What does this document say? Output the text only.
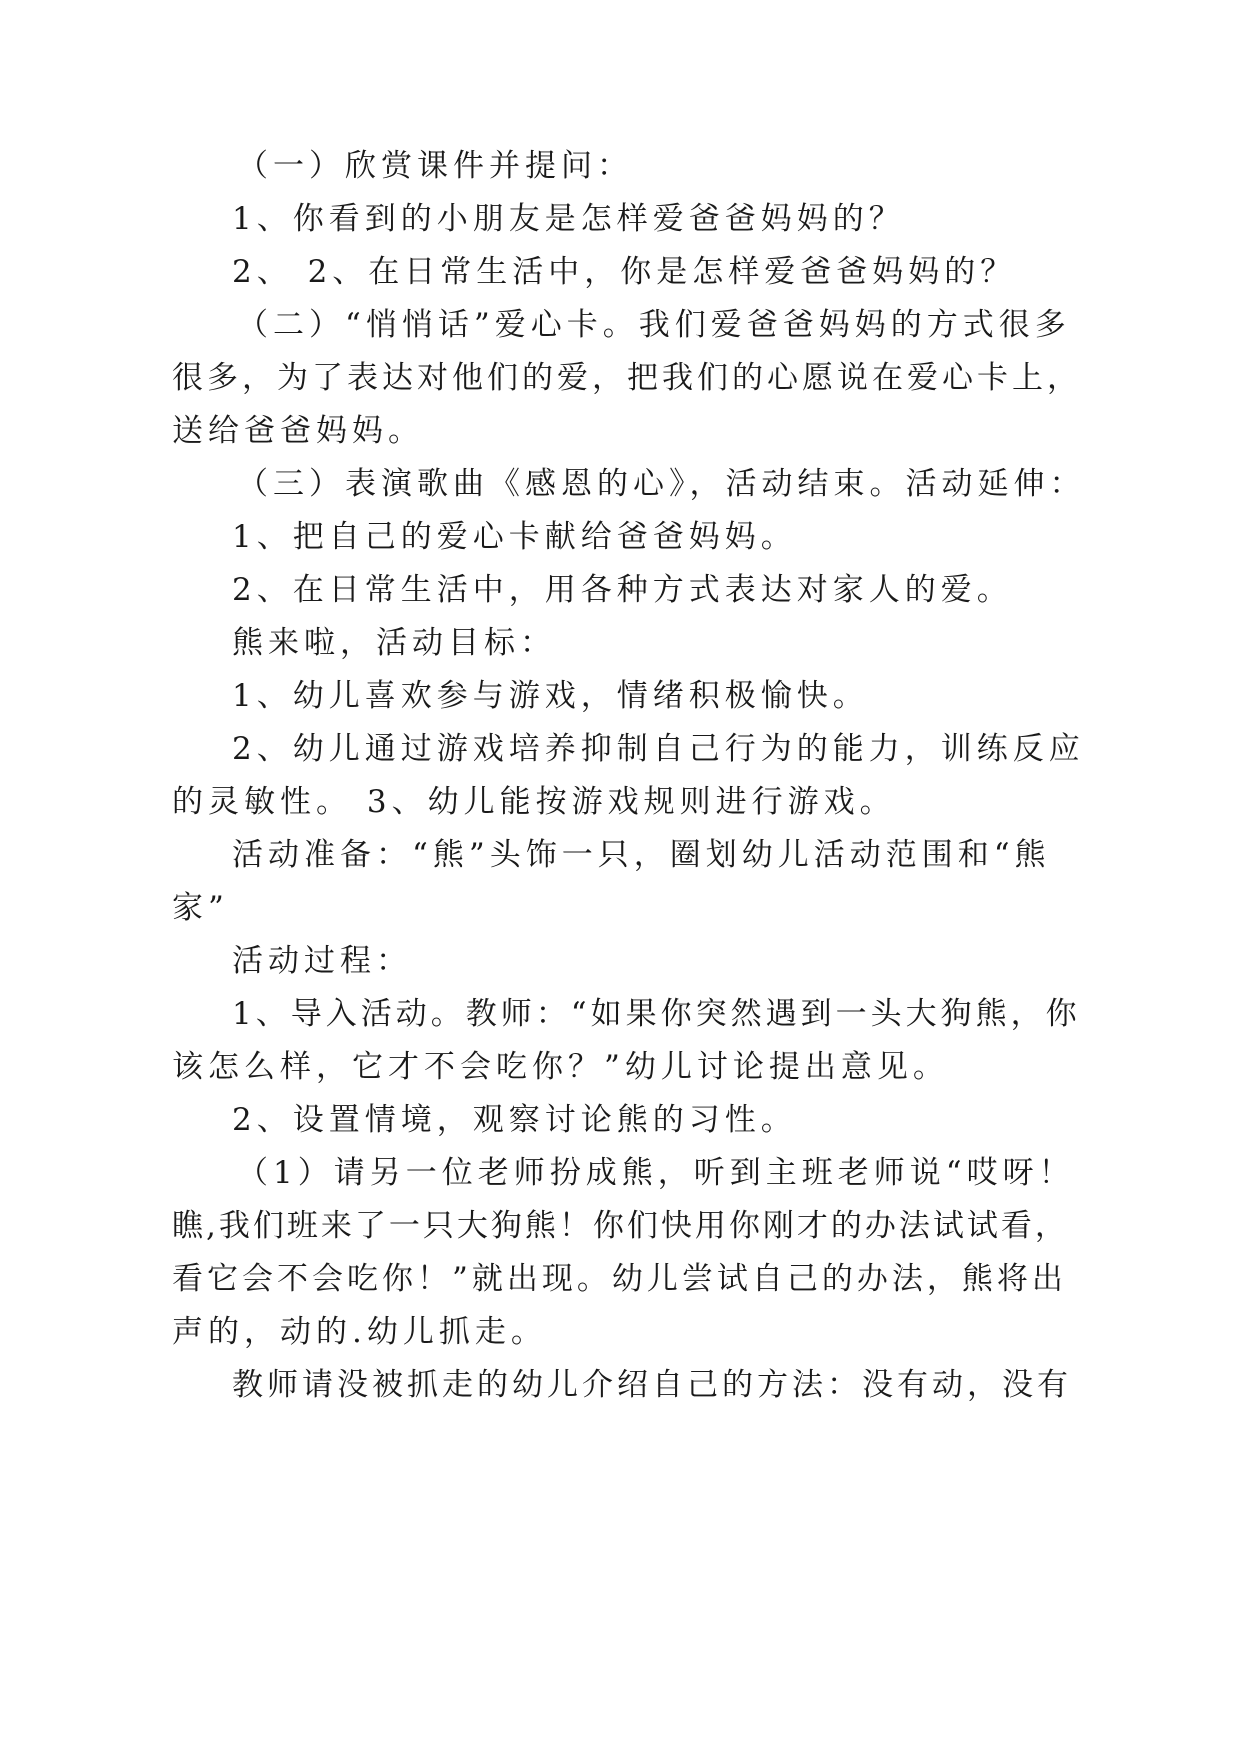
（一）欣赏课件并提问：
1、你看到的小朋友是怎样爱爸爸妈妈的？
2、 2、在日常生活中，你是怎样爱爸爸妈妈的？
（二）“悄悄话”爱心卡。我们爱爸爸妈妈的方式很多
很多，为了表达对他们的爱，把我们的心愿说在爱心卡上，
送给爸爸妈妈。
（三）表演歌曲《感恩的心》，活动结束。活动延伸：
1、把自己的爱心卡献给爸爸妈妈。
2、在日常生活中，用各种方式表达对家人的爱。
熊来啦，活动目标：
1、幼儿喜欢参与游戏，情绪积极愉快。
2、幼儿通过游戏培养抑制自己行为的能力，训练反应
的灵敏性。 3、幼儿能按游戏规则进行游戏。
活动准备：“熊”头饰一只，圈划幼儿活动范围和“熊
家”
活动过程：
1、导入活动。教师：“如果你突然遇到一头大狗熊，你
该怎么样，它才不会吃你？”幼儿讨论提出意见。
2、设置情境，观察讨论熊的习性。
（1）请另一位老师扮成熊，听到主班老师说“哎呀！
瞧,我们班来了一只大狗熊！你们快用你刚才的办法试试看，
看它会不会吃你！”就出现。幼儿尝试自己的办法，熊将出
声的，动的.幼儿抓走。
教师请没被抓走的幼儿介绍自己的方法：没有动，没有
